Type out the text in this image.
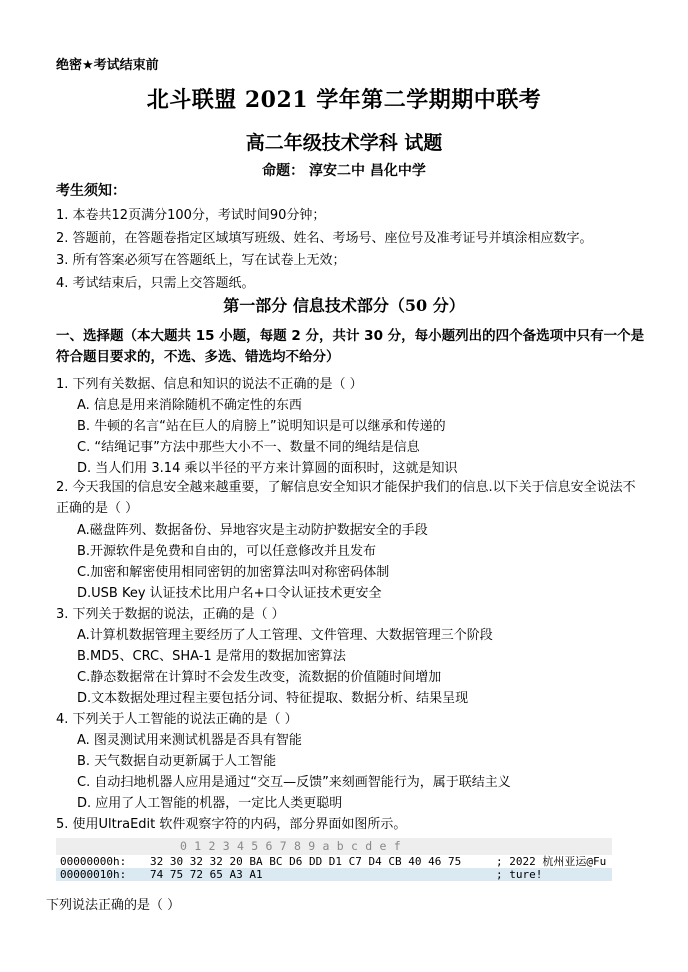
绝密★考试结束前
北斗联盟 2021 学年第二学期期中联考
高二年级技术学科 试题
命题： 淳安二中 昌化中学
考生须知：
1. 本卷共12页满分100分，考试时间90分钟；
2. 答题前，在答题卷指定区域填写班级、姓名、考场号、座位号及准考证号并填涂相应数字。
3. 所有答案必须写在答题纸上，写在试卷上无效；
4. 考试结束后，只需上交答题纸。
第一部分 信息技术部分（50 分）
一、选择题（本大题共 15 小题，每题 2 分，共计 30 分，每小题列出的四个备选项中只有一个是符合题目要求的，不选、多选、错选均不给分）
1. 下列有关数据、信息和知识的说法不正确的是（ ）
A. 信息是用来消除随机不确定性的东西
B. 牛顿的名言“站在巨人的肩膀上”说明知识是可以继承和传递的
C. “结绳记事”方法中那些大小不一、数量不同的绳结是信息
D. 当人们用 3.14 乘以半径的平方来计算圆的面积时，这就是知识
2. 今天我国的信息安全越来越重要，了解信息安全知识才能保护我们的信息.以下关于信息安全说法不正确的是（ ）
A.磁盘阵列、数据备份、异地容灾是主动防护数据安全的手段
B.开源软件是免费和自由的，可以任意修改并且发布
C.加密和解密使用相同密钥的加密算法叫对称密码体制
D.USB Key 认证技术比用户名+口令认证技术更安全
3. 下列关于数据的说法，正确的是（ ）
A.计算机数据管理主要经历了人工管理、文件管理、大数据管理三个阶段
B.MD5、CRC、SHA-1 是常用的数据加密算法
C.静态数据常在计算时不会发生改变，流数据的价值随时间增加
D.文本数据处理过程主要包括分词、特征提取、数据分析、结果呈现
4. 下列关于人工智能的说法正确的是（ ）
A. 图灵测试用来测试机器是否具有智能
B. 天气数据自动更新属于人工智能
C. 自动扫地机器人应用是通过“交互—反馈”来刻画智能行为，属于联结主义
D. 应用了人工智能的机器，一定比人类更聪明
5. 使用UltraEdit 软件观察字符的内码，部分界面如图所示。
0 1 2 3 4 5 6 7 8 9 a b c d e f
00000000h:	32 30 32 32 20 BA BC D6 DD D1 C7 D4 CB 40 46 75	; 2022 杭州亚运@Fu
00000010h:	74 75 72 65 A3 A1	; ture!
下列说法正确的是（ ）
